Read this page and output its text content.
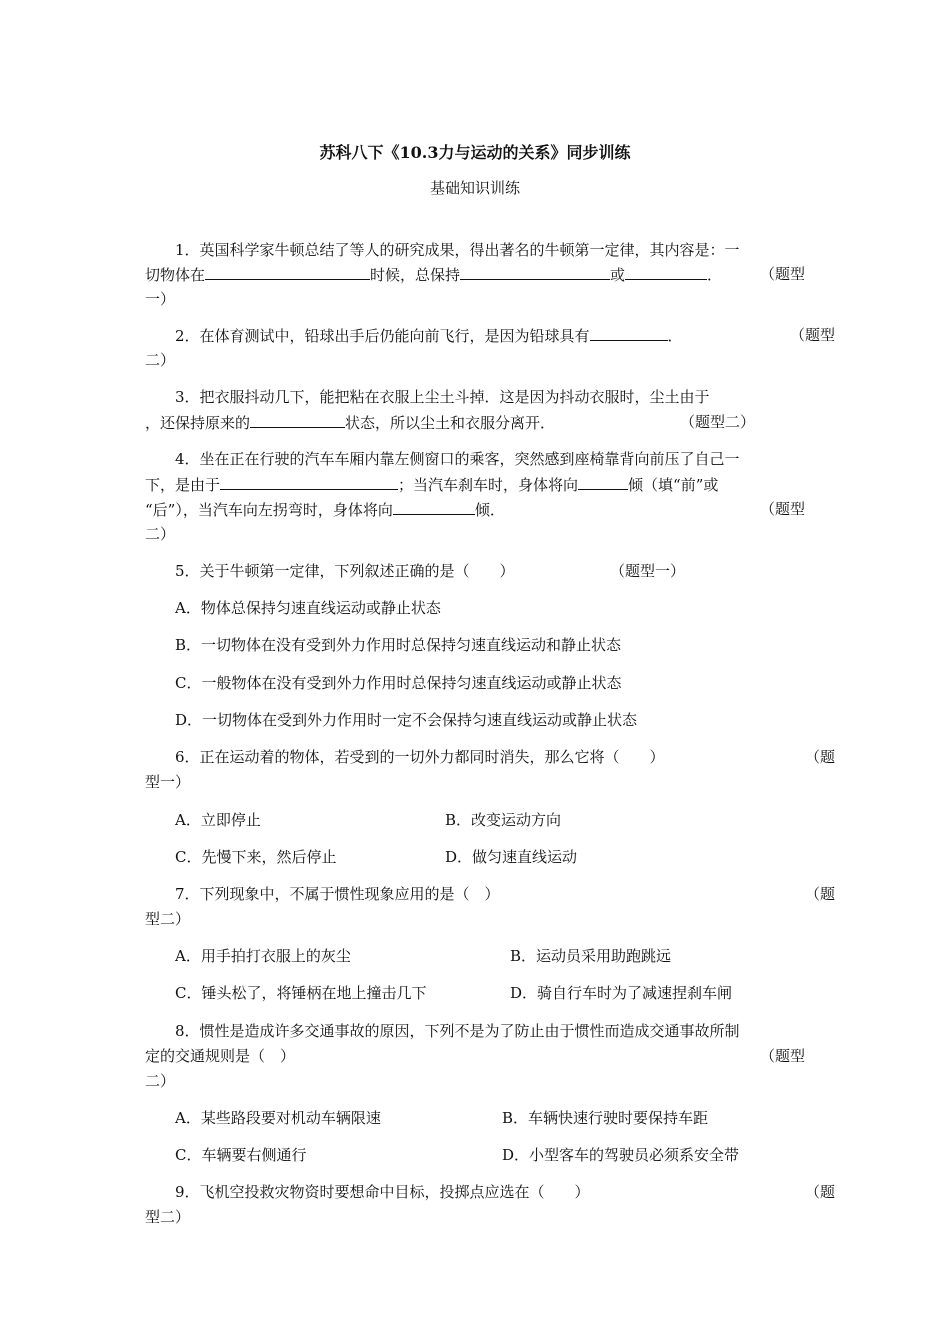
苏科八下《10.3力与运动的关系》同步训练
基础知识训练
1．英国科学家牛顿总结了等人的研究成果，得出著名的牛顿第一定律，其内容是：一
切物体在	时候，总保持	或	．	（题型
一）
2．在体育测试中，铅球出手后仍能向前飞行，是因为铅球具有	．	（题型
二）
3．把衣服抖动几下，能把粘在衣服上尘土斗掉．这是因为抖动衣服时，尘土由于
，还保持原来的	状态，所以尘土和衣服分离开．	（题型二）
4．坐在正在行驶的汽车车厢内靠左侧窗口的乘客，突然感到座椅靠背向前压了自己一
下，是由于	；当汽车刹车时，身体将向	倾（填“前”或
“后”），当汽车向左拐弯时，身体将向	倾．	（题型
二）
5．关于牛顿第一定律，下列叙述正确的是（　　）	（题型一）
A．物体总保持匀速直线运动或静止状态
B．一切物体在没有受到外力作用时总保持匀速直线运动和静止状态
C．一般物体在没有受到外力作用时总保持匀速直线运动或静止状态
D．一切物体在受到外力作用时一定不会保持匀速直线运动或静止状态
6．正在运动着的物体，若受到的一切外力都同时消失，那么它将（　　）	（题
型一）
A．立即停止	B．改变运动方向
C．先慢下来，然后停止	D．做匀速直线运动
7．下列现象中，不属于惯性现象应用的是（　）	（题
型二）
A．用手拍打衣服上的灰尘	B．运动员采用助跑跳远
C．锤头松了，将锤柄在地上撞击几下	D．骑自行车时为了减速捏刹车闸
8．惯性是造成许多交通事故的原因，下列不是为了防止由于惯性而造成交通事故所制
定的交通规则是（　）	（题型
二）
A．某些路段要对机动车辆限速	B．车辆快速行驶时要保持车距
C．车辆要右侧通行	D．小型客车的驾驶员必须系安全带
9．飞机空投救灾物资时要想命中目标，投掷点应选在（　　）	（题
型二）
